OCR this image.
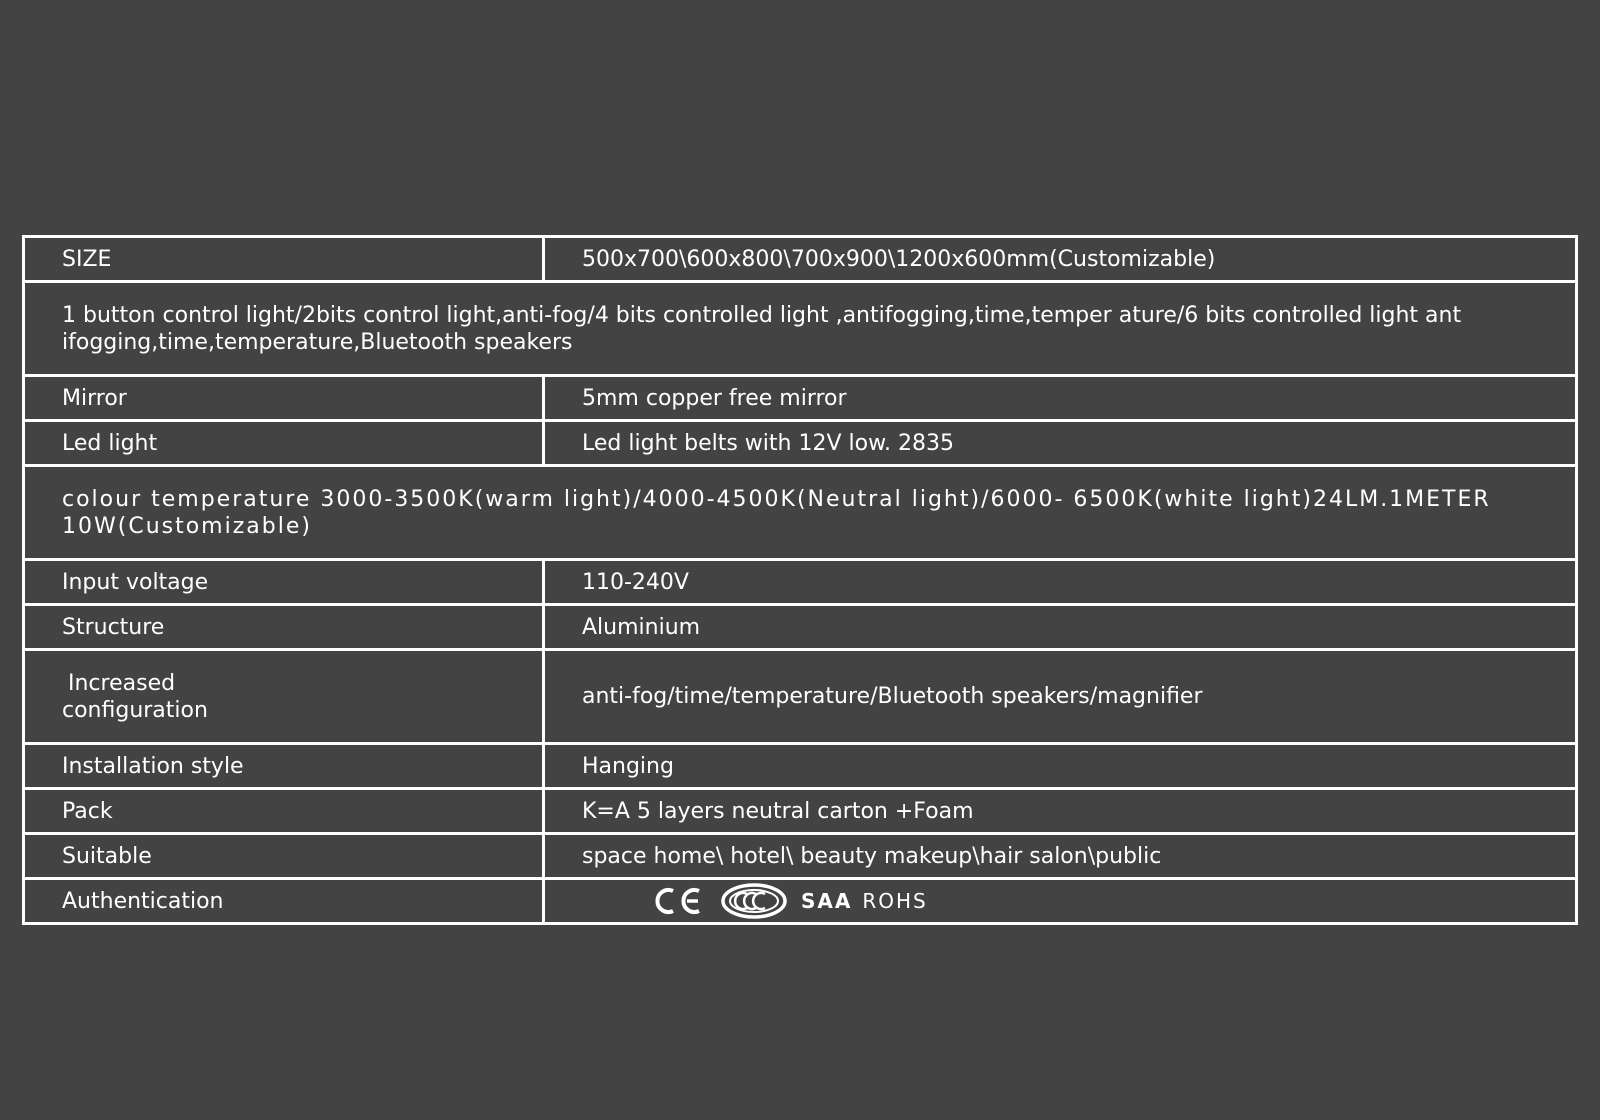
SIZE	500x700\600x800\700x900\1200x600mm(Customizable)
1 button control light/2bits control light,anti-fog/4 bits controlled light ,antifogging,time,temper ature/6 bits controlled light ant ifogging,time,temperature,Bluetooth speakers	
Mirror	5mm copper free mirror
Led light	Led light belts with 12V low. 2835
colour temperature 3000-3500K(warm light)/4000-4500K(Neutral light)/6000- 6500K(white light)24LM.1METER 10W(Customizable)	
Input voltage	110-240V
Structure	Aluminium
Increased
configuration	anti-fog/time/temperature/Bluetooth speakers/magnifier
Installation style	Hanging
Pack	K=A 5 layers neutral carton +Foam
Suitable	space home\ hotel\ beauty makeup\hair salon\public
Authentication	SAA ROHS
